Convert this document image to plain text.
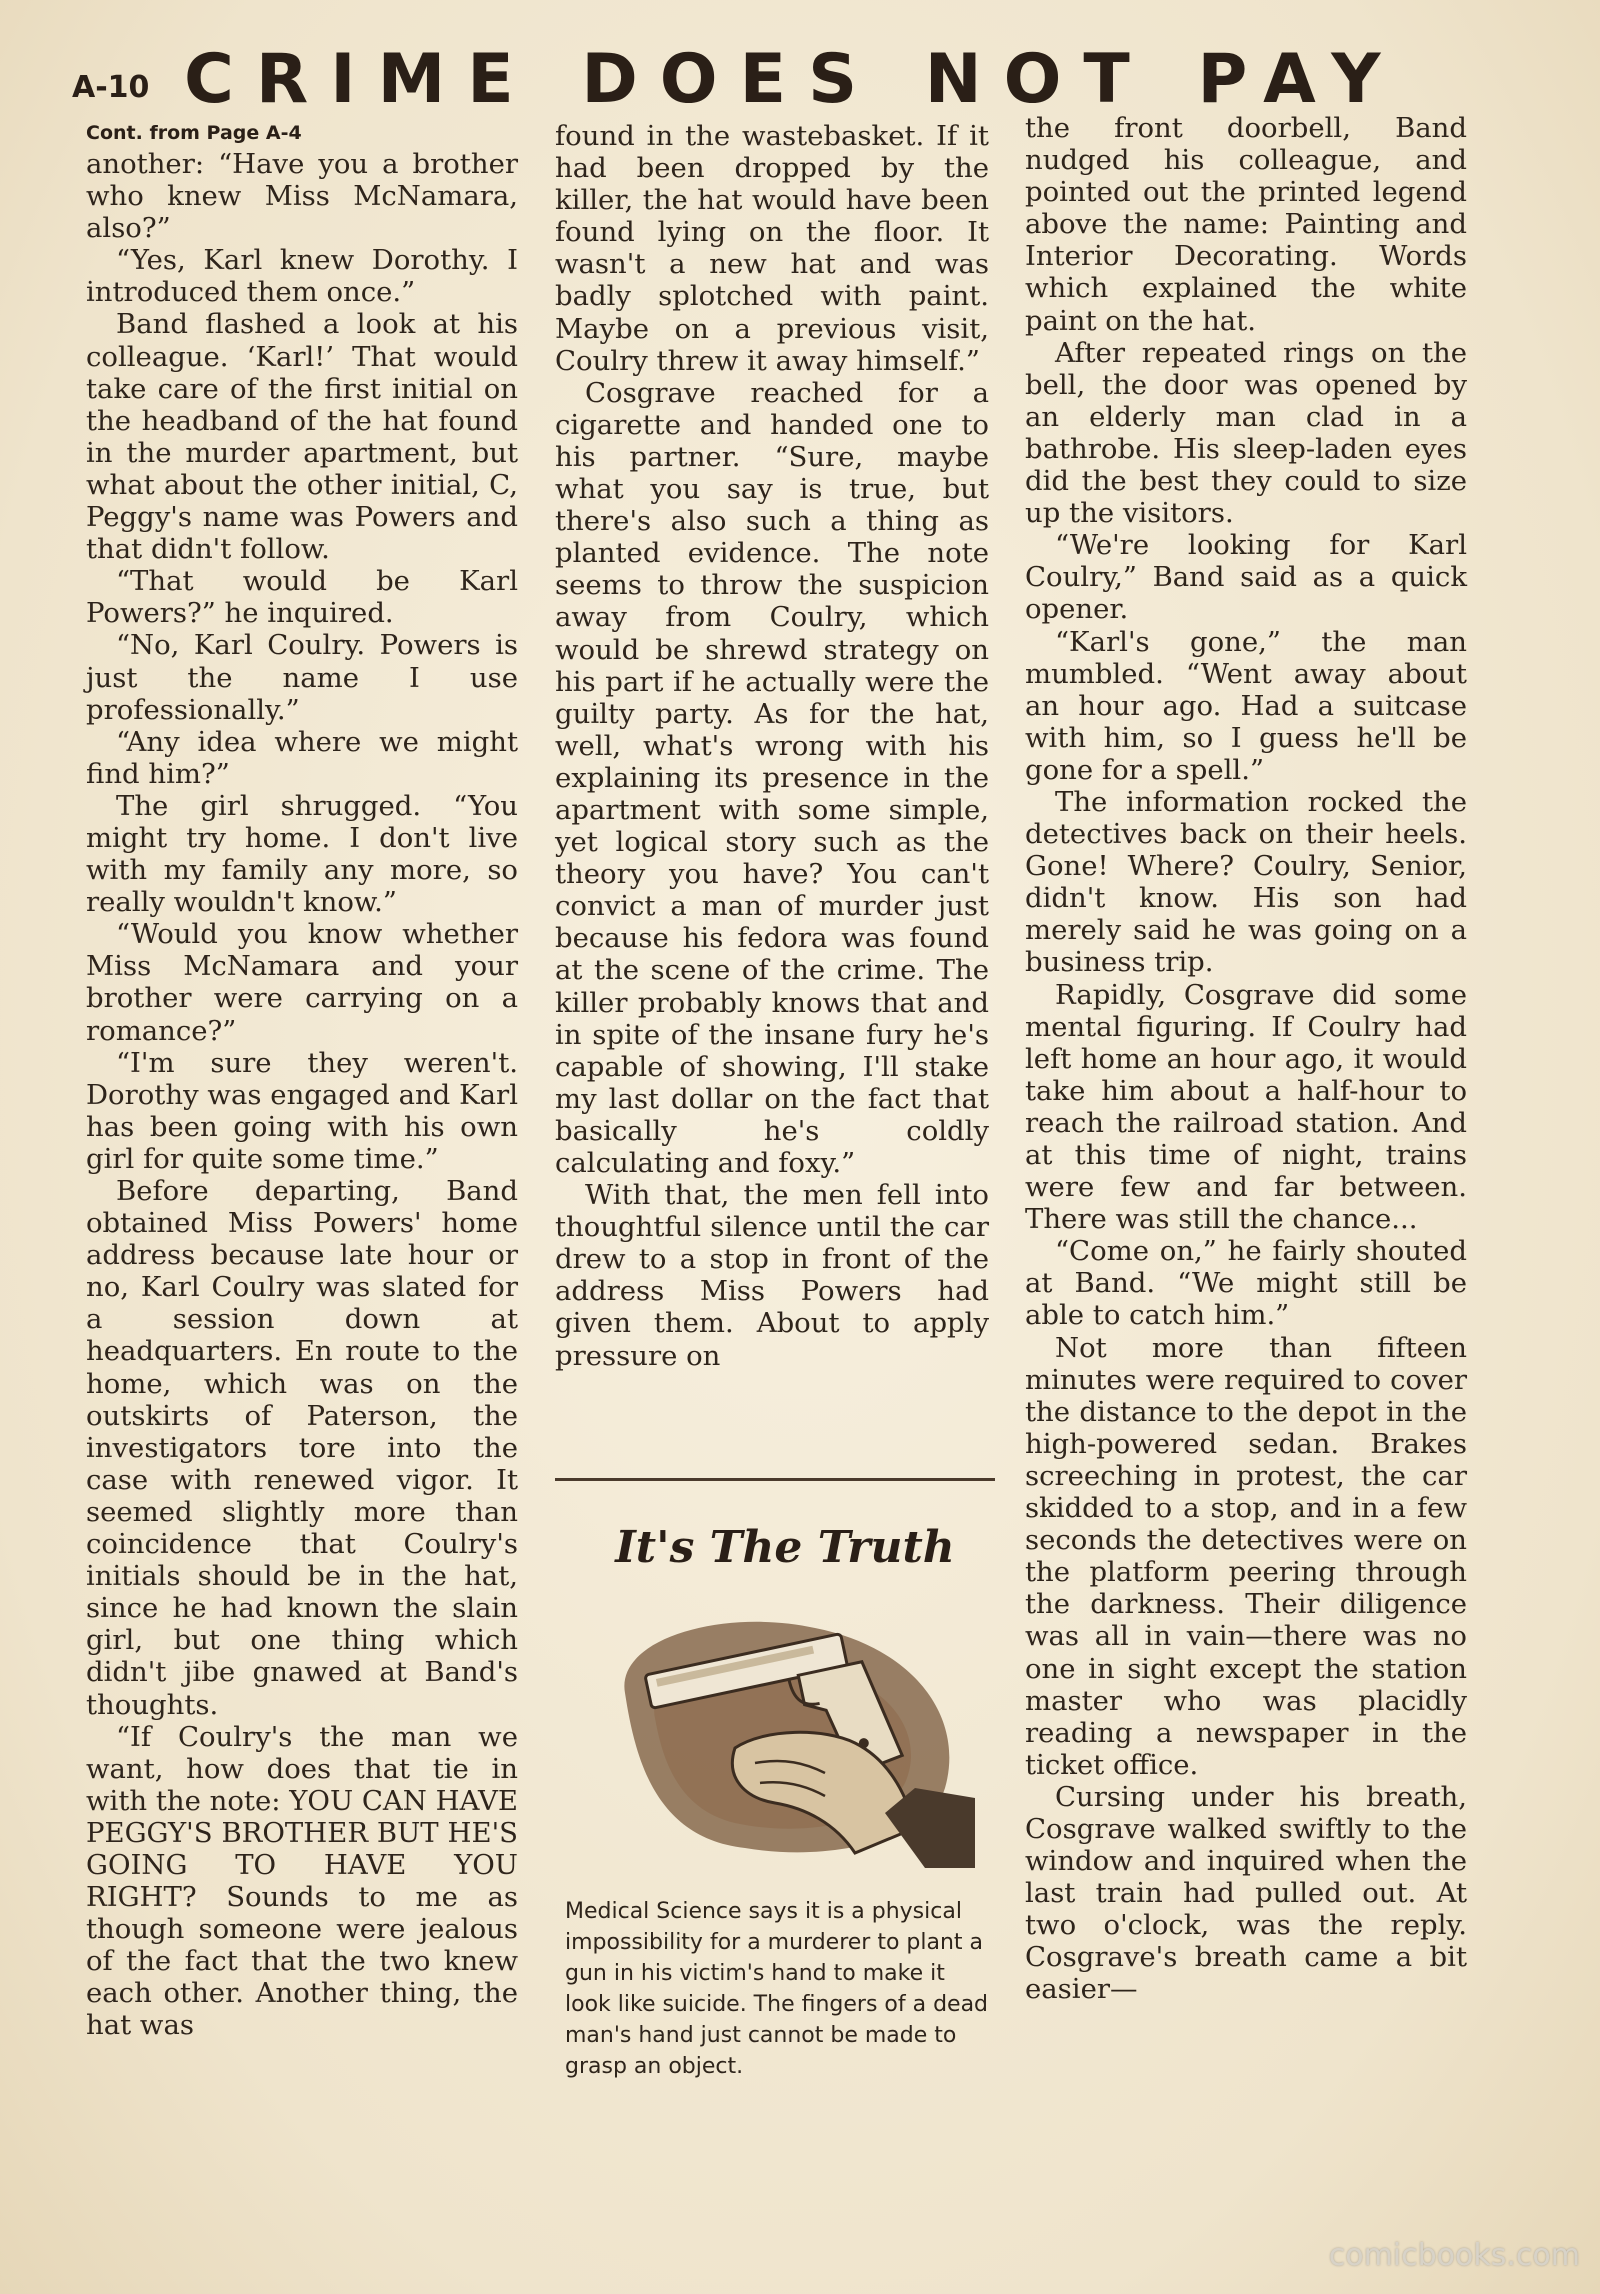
A-10 CRIME DOES NOT PAY
Cont. from Page A-4

another: “Have you a brother who knew Miss McNamara, also?”

“Yes, Karl knew Dorothy. I introduced them once.”

Band flashed a look at his colleague. ‘Karl!’ That would take care of the first initial on the headband of the hat found in the murder apartment, but what about the other initial, C, Peggy's name was Powers and that didn't follow.

“That would be Karl Powers?” he inquired.

“No, Karl Coulry. Powers is just the name I use professionally.”

“Any idea where we might find him?”

The girl shrugged. “You might try home. I don't live with my family any more, so really wouldn't know.”

“Would you know whether Miss McNamara and your brother were carrying on a romance?”

“I'm sure they weren't. Dorothy was engaged and Karl has been going with his own girl for quite some time.”

Before departing, Band obtained Miss Powers' home address because late hour or no, Karl Coulry was slated for a session down at headquarters. En route to the home, which was on the outskirts of Paterson, the investigators tore into the case with renewed vigor. It seemed slightly more than coincidence that Coulry's initials should be in the hat, since he had known the slain girl, but one thing which didn't jibe gnawed at Band's thoughts.

“If Coulry's the man we want, how does that tie in with the note: YOU CAN HAVE PEGGY'S BROTHER BUT HE'S GOING TO HAVE YOU RIGHT? Sounds to me as though someone were jealous of the fact that the two knew each other. Another thing, the hat was

found in the wastebasket. If it had been dropped by the killer, the hat would have been found lying on the floor. It wasn't a new hat and was badly splotched with paint. Maybe on a previous visit, Coulry threw it away himself.”

Cosgrave reached for a cigarette and handed one to his partner. “Sure, maybe what you say is true, but there's also such a thing as planted evidence. The note seems to throw the suspicion away from Coulry, which would be shrewd strategy on his part if he actually were the guilty party. As for the hat, well, what's wrong with his explaining its presence in the apartment with some simple, yet logical story such as the theory you have? You can't convict a man of murder just because his fedora was found at the scene of the crime. The killer probably knows that and in spite of the insane fury he's capable of showing, I'll stake my last dollar on the fact that basically he's coldly calculating and foxy.”

With that, the men fell into thoughtful silence until the car drew to a stop in front of the address Miss Powers had given them. About to apply pressure on

It's The Truth
Medical Science says it is a physical impossibility for a murderer to plant a gun in his victim's hand to make it look like suicide. The fingers of a dead man's hand just cannot be made to grasp an object.

the front doorbell, Band nudged his colleague, and pointed out the printed legend above the name: Painting and Interior Decorating. Words which explained the white paint on the hat.

After repeated rings on the bell, the door was opened by an elderly man clad in a bathrobe. His sleep-laden eyes did the best they could to size up the visitors.

“We're looking for Karl Coulry,” Band said as a quick opener.

“Karl's gone,” the man mumbled. “Went away about an hour ago. Had a suitcase with him, so I guess he'll be gone for a spell.”

The information rocked the detectives back on their heels. Gone! Where? Coulry, Senior, didn't know. His son had merely said he was going on a business trip.

Rapidly, Cosgrave did some mental figuring. If Coulry had left home an hour ago, it would take him about a half-hour to reach the railroad station. And at this time of night, trains were few and far between. There was still the chance...

“Come on,” he fairly shouted at Band. “We might still be able to catch him.”

Not more than fifteen minutes were required to cover the distance to the depot in the high-powered sedan. Brakes screeching in protest, the car skidded to a stop, and in a few seconds the detectives were on the platform peering through the darkness. Their diligence was all in vain—there was no one in sight except the station master who was placidly reading a newspaper in the ticket office.

Cursing under his breath, Cosgrave walked swiftly to the window and inquired when the last train had pulled out. At two o'clock, was the reply. Cosgrave's breath came a bit easier—

comicbooks.com
